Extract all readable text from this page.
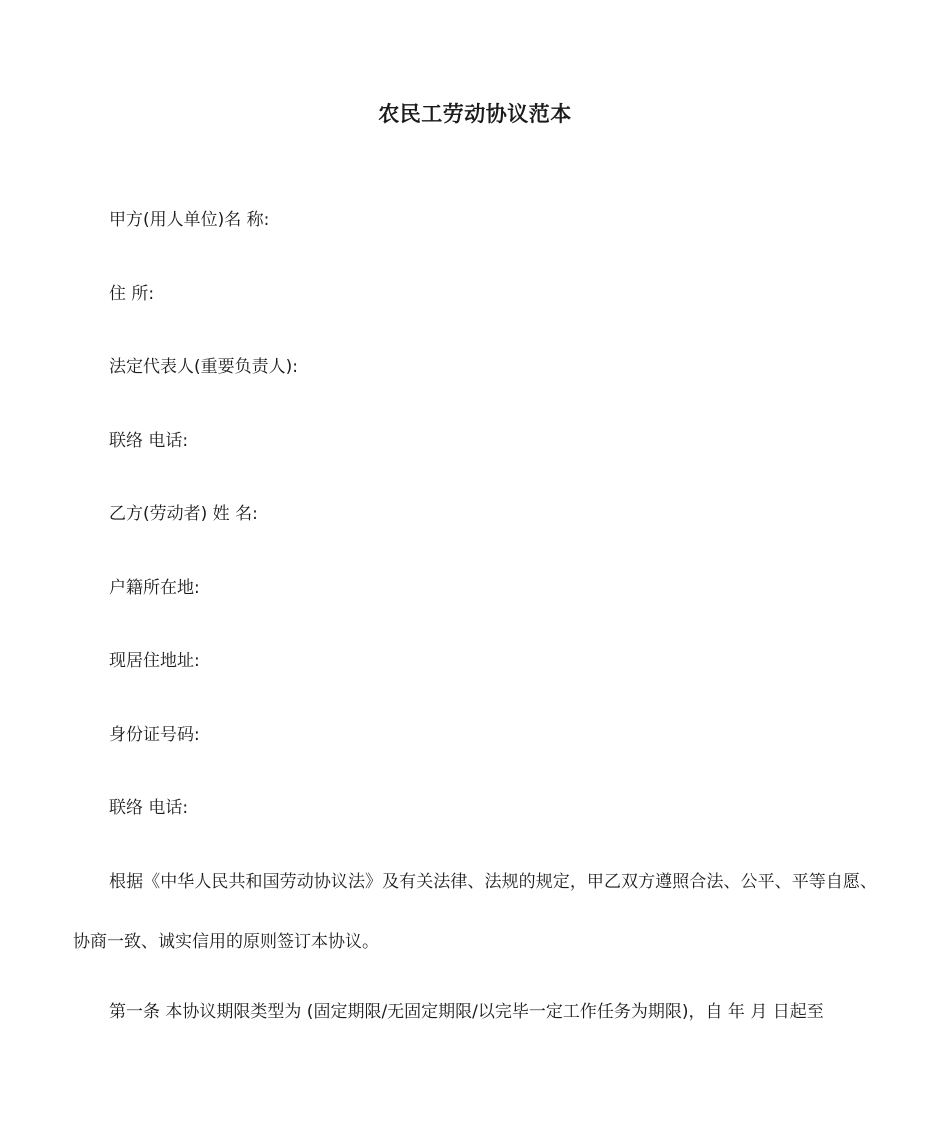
农民工劳动协议范本
甲方(用人单位)名 称:
住 所:
法定代表人(重要负责人):
联络 电话:
乙方(劳动者) 姓 名:
户籍所在地:
现居住地址:
身份证号码:
联络 电话:
根据《中华人民共和国劳动协议法》及有关法律、法规的规定，甲乙双方遵照合法、公平、平等自愿、协商一致、诚实信用的原则签订本协议。
第一条 本协议期限类型为 (固定期限/无固定期限/以完毕一定工作任务为期限)，自 年 月 日起至
